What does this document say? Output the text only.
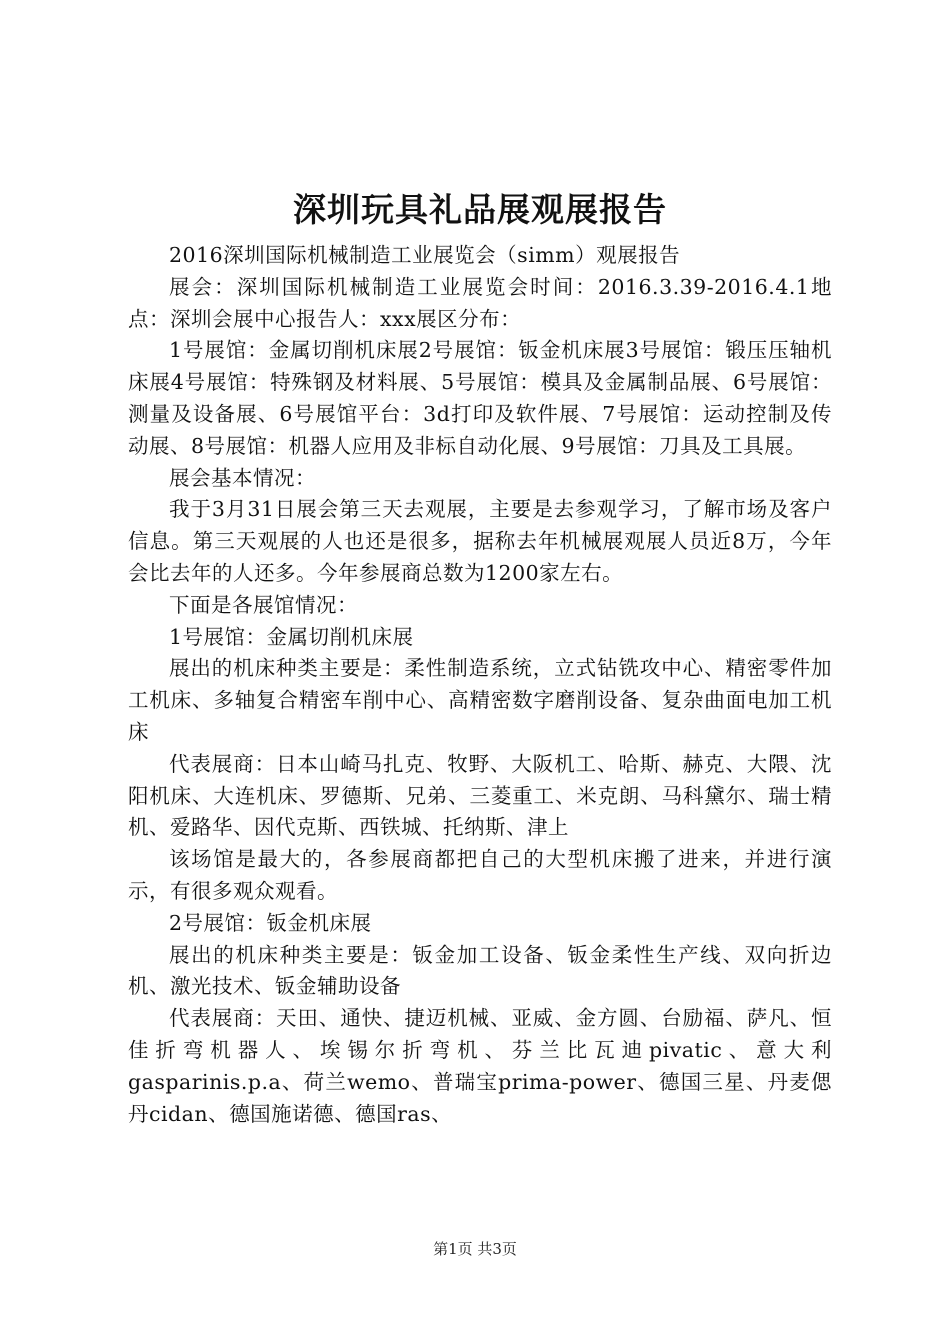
深圳玩具礼品展观展报告

2016深圳国际机械制造工业展览会（simm）观展报告

展会：深圳国际机械制造工业展览会时间：2016.3.39-2016.4.1地点：深圳会展中心报告人：xxx展区分布：

1号展馆：金属切削机床展2号展馆：钣金机床展3号展馆：锻压压轴机床展4号展馆：特殊钢及材料展、5号展馆：模具及金属制品展、6号展馆：测量及设备展、6号展馆平台：3d打印及软件展、7号展馆：运动控制及传动展、8号展馆：机器人应用及非标自动化展、9号展馆：刀具及工具展。

展会基本情况：

我于3月31日展会第三天去观展，主要是去参观学习，了解市场及客户信息。第三天观展的人也还是很多，据称去年机械展观展人员近8万，今年会比去年的人还多。今年参展商总数为1200家左右。

下面是各展馆情况：

1号展馆：金属切削机床展

展出的机床种类主要是：柔性制造系统，立式钻铣攻中心、精密零件加工机床、多轴复合精密车削中心、高精密数字磨削设备、复杂曲面电加工机床

代表展商：日本山崎马扎克、牧野、大阪机工、哈斯、赫克、大隈、沈阳机床、大连机床、罗德斯、兄弟、三菱重工、米克朗、马科黛尔、瑞士精机、爱路华、因代克斯、西铁城、托纳斯、津上

该场馆是最大的，各参展商都把自己的大型机床搬了进来，并进行演示，有很多观众观看。

2号展馆：钣金机床展

展出的机床种类主要是：钣金加工设备、钣金柔性生产线、双向折边机、激光技术、钣金辅助设备

代表展商：天田、通快、捷迈机械、亚威、金方圆、台励福、萨凡、恒佳折弯机器人、埃锡尔折弯机、芬兰比瓦迪pivatic、意大利gasparinis.p.a、荷兰wemo、普瑞宝prima-power、德国三星、丹麦偲丹cidan、德国施诺德、德国ras、

第1页 共3页
